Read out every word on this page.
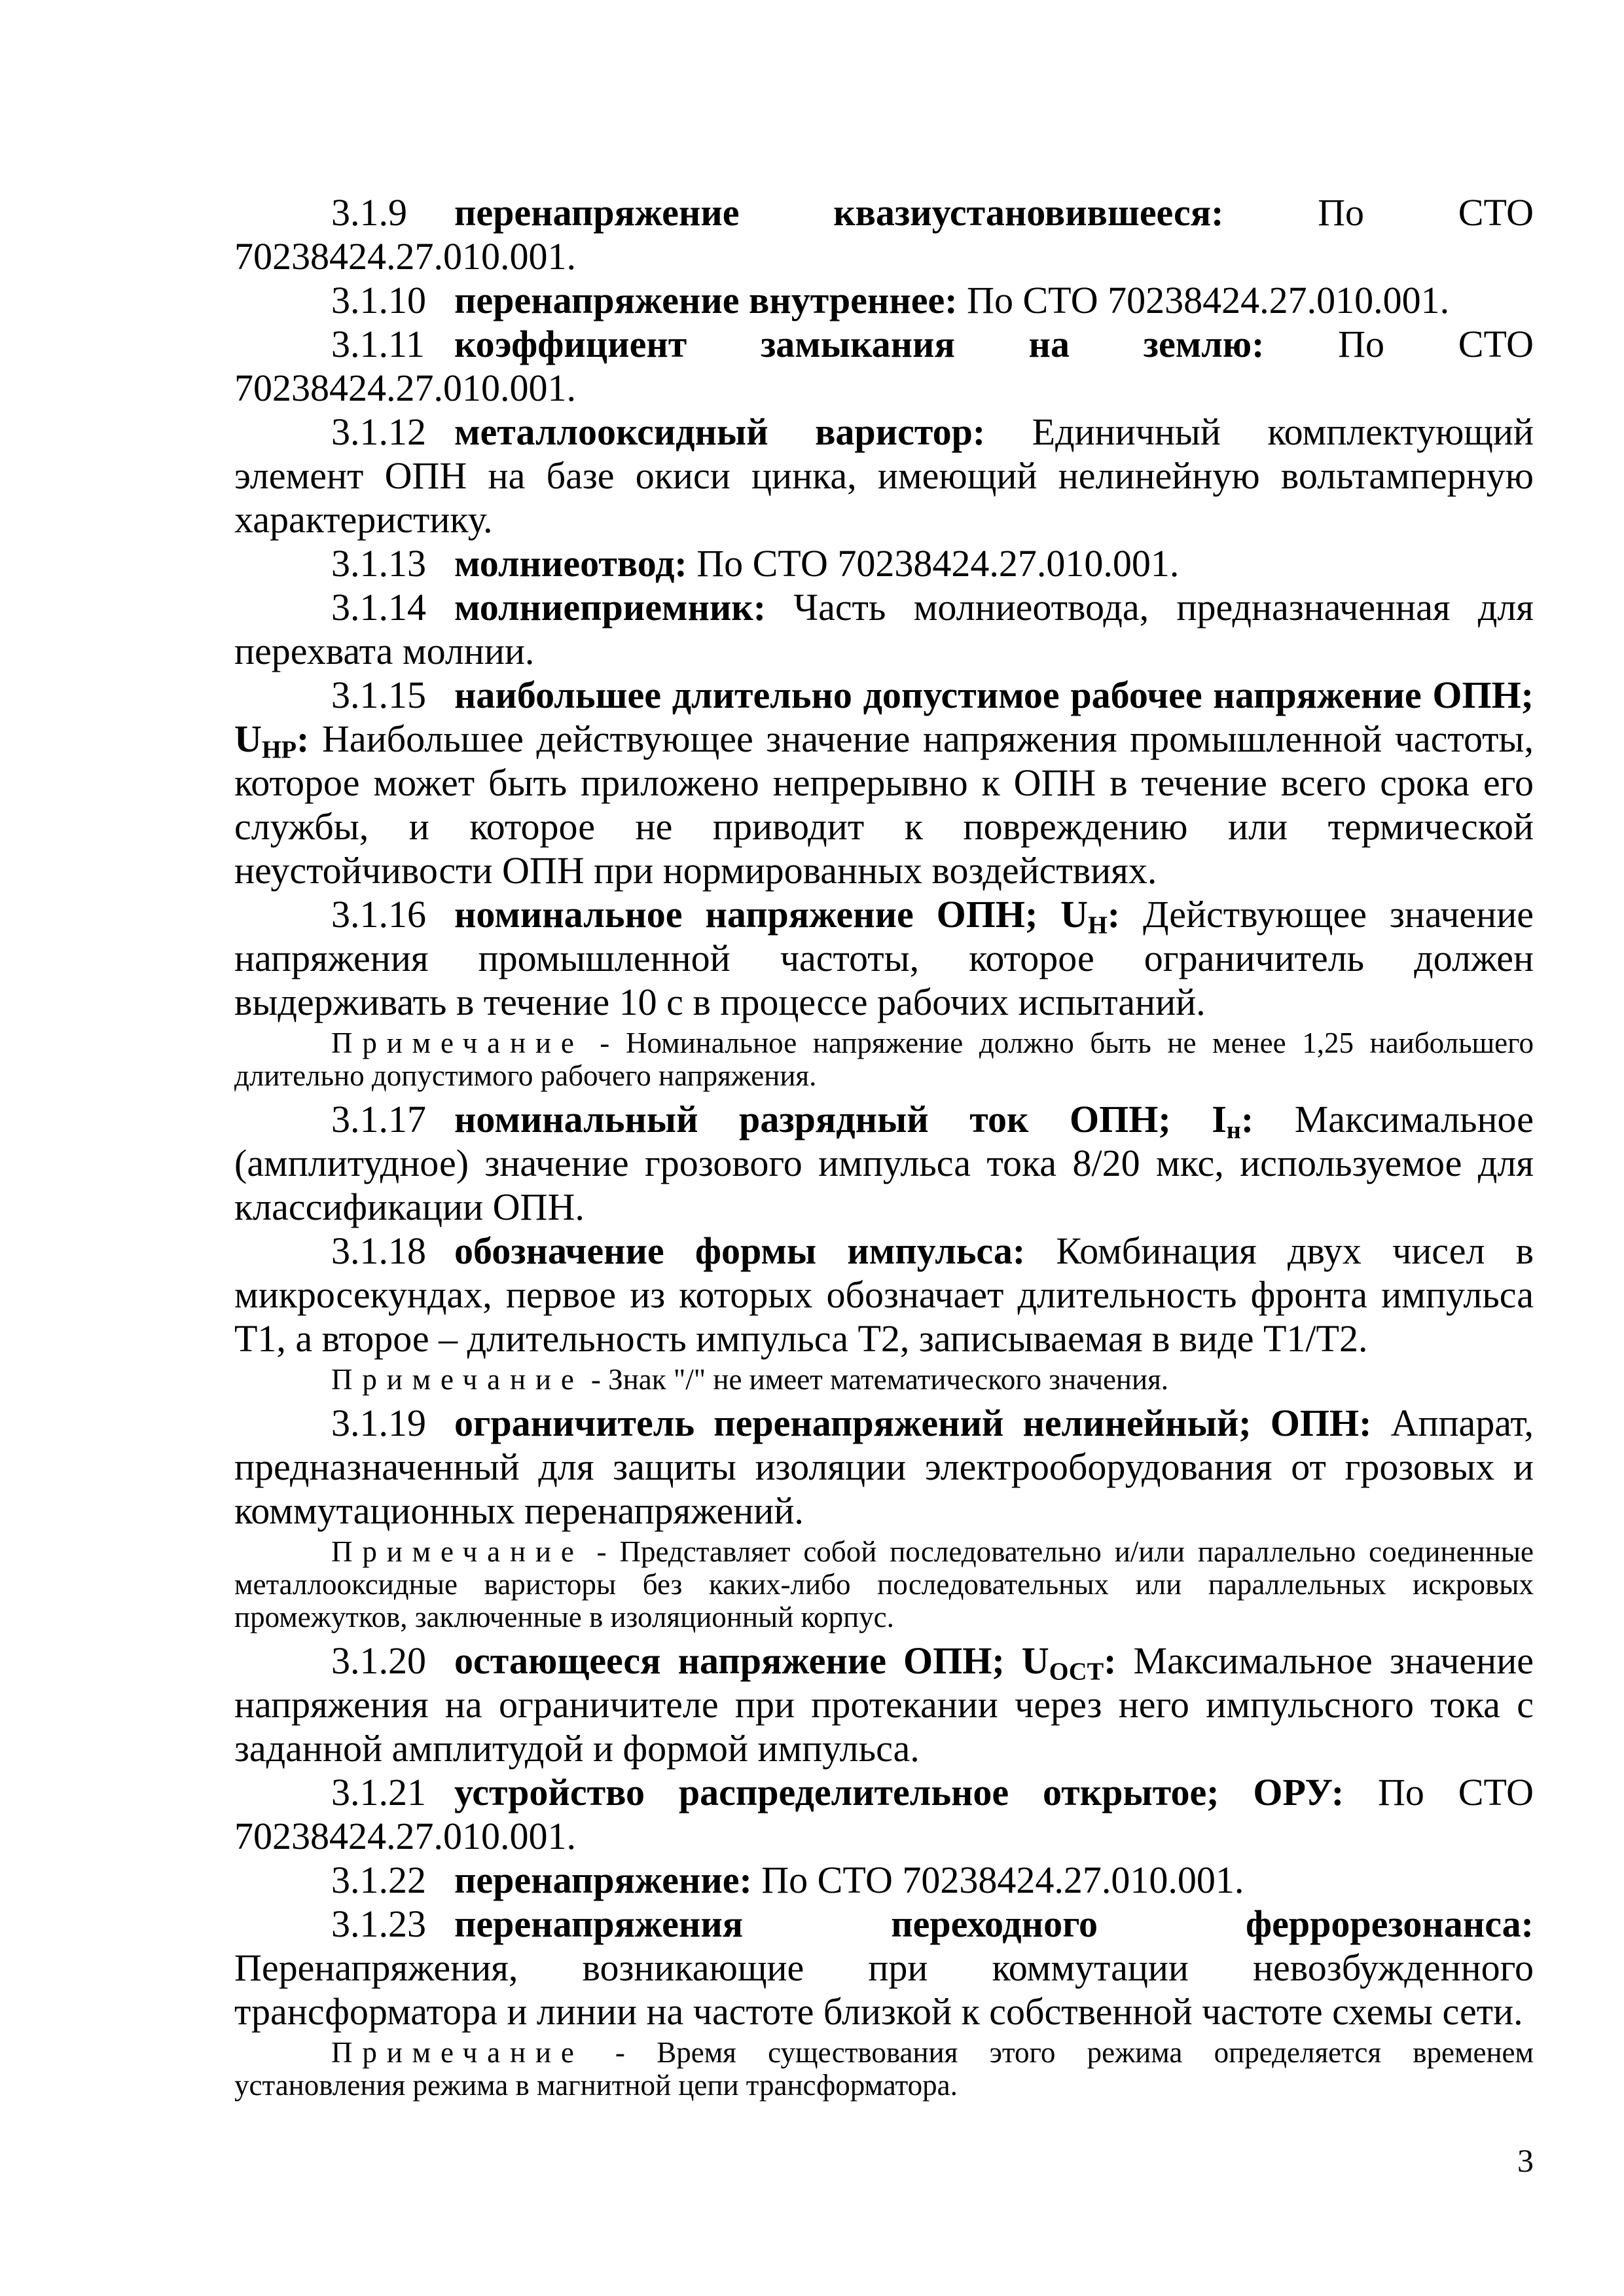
3.1.9 перенапряжение квазиустановившееся: По СТО 70238424.27.010.001.

3.1.10 перенапряжение внутреннее: По СТО 70238424.27.010.001.

3.1.11 коэффициент замыкания на землю: По СТО 70238424.27.010.001.

3.1.12 металлооксидный варистор: Единичный комплектующий элемент ОПН на базе окиси цинка, имеющий нелинейную вольтамперную характеристику.

3.1.13 молниеотвод: По СТО 70238424.27.010.001.

3.1.14 молниеприемник: Часть молниеотвода, предназначенная для перехвата молнии.

3.1.15 наибольшее длительно допустимое рабочее напряжение ОПН; $U_{НР}$: Наибольшее действующее значение напряжения промышленной частоты, которое может быть приложено непрерывно к ОПН в течение всего срока его службы, и которое не приводит к повреждению или термической неустойчивости ОПН при нормированных воздействиях.

3.1.16 номинальное напряжение ОПН; $U_Н$: Действующее значение напряжения промышленной частоты, которое ограничитель должен выдерживать в течение 10 с в процессе рабочих испытаний.

Примечание - Номинальное напряжение должно быть не менее 1,25 наибольшего длительно допустимого рабочего напряжения.

3.1.17 номинальный разрядный ток ОПН; $I_н$: Максимальное (амплитудное) значение грозового импульса тока 8/20 мкс, используемое для классификации ОПН.

3.1.18 обозначение формы импульса: Комбинация двух чисел в микросекундах, первое из которых обозначает длительность фронта импульса Т1, а второе – длительность импульса Т2, записываемая в виде Т1/Т2.

Примечание - Знак "/" не имеет математического значения.

3.1.19 ограничитель перенапряжений нелинейный; ОПН: Аппарат, предназначенный для защиты изоляции электрооборудования от грозовых и коммутационных перенапряжений.

Примечание - Представляет собой последовательно и/или параллельно соединенные металлооксидные варисторы без каких-либо последовательных или параллельных искровых промежутков, заключенные в изоляционный корпус.

3.1.20 остающееся напряжение ОПН; $U_{ОСТ}$: Максимальное значение напряжения на ограничителе при протекании через него импульсного тока с заданной амплитудой и формой импульса.

3.1.21 устройство распределительное открытое; ОРУ: По СТО 70238424.27.010.001.

3.1.22 перенапряжение: По СТО 70238424.27.010.001.

3.1.23 перенапряжения переходного феррорезонанса: Перенапряжения, возникающие при коммутации невозбужденного трансформатора и линии на частоте близкой к собственной частоте схемы сети.

Примечание - Время существования этого режима определяется временем установления режима в магнитной цепи трансформатора.

3
